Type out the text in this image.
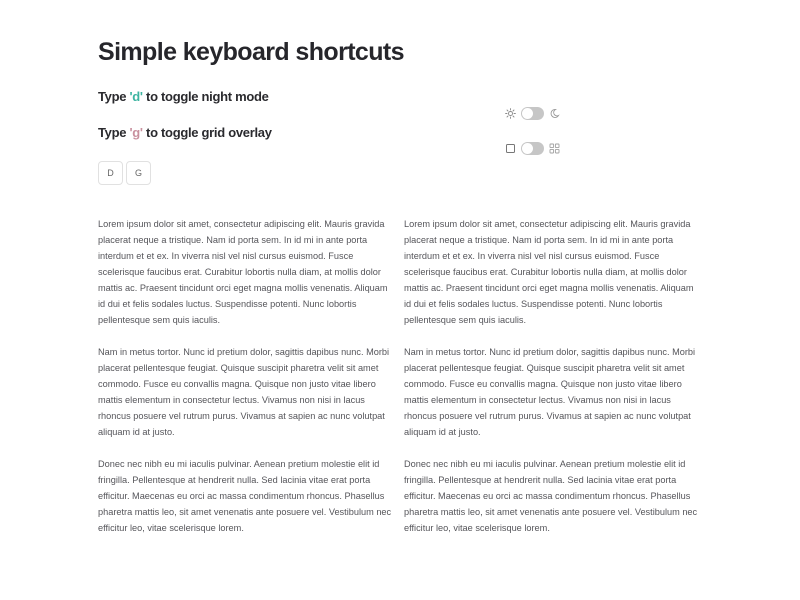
Simple keyboard shortcuts

Type 'd' to toggle night mode

Type 'g' to toggle grid overlay

D	G

Lorem ipsum dolor sit amet, consectetur adipiscing elit. Mauris gravida placerat neque a tristique. Nam id porta sem. In id mi in ante porta interdum et et ex. In viverra nisl vel nisl cursus euismod. Fusce scelerisque faucibus erat. Curabitur lobortis nulla diam, at mollis dolor mattis ac. Praesent tincidunt orci eget magna mollis venenatis. Aliquam id dui et felis sodales luctus. Suspendisse potenti. Nunc lobortis pellentesque sem quis iaculis.

Nam in metus tortor. Nunc id pretium dolor, sagittis dapibus nunc. Morbi placerat pellentesque feugiat. Quisque suscipit pharetra velit sit amet commodo. Fusce eu convallis magna. Quisque non justo vitae libero mattis elementum in consectetur lectus. Vivamus non nisi in lacus rhoncus posuere vel rutrum purus. Vivamus at sapien ac nunc volutpat aliquam id at justo.

Donec nec nibh eu mi iaculis pulvinar. Aenean pretium molestie elit id fringilla. Pellentesque at hendrerit nulla. Sed lacinia vitae erat porta efficitur. Maecenas eu orci ac massa condimentum rhoncus. Phasellus pharetra mattis leo, sit amet venenatis ante posuere vel. Vestibulum nec efficitur leo, vitae scelerisque lorem.

Lorem ipsum dolor sit amet, consectetur adipiscing elit. Mauris gravida placerat neque a tristique. Nam id porta sem. In id mi in ante porta interdum et et ex. In viverra nisl vel nisl cursus euismod. Fusce scelerisque faucibus erat. Curabitur lobortis nulla diam, at mollis dolor mattis ac. Praesent tincidunt orci eget magna mollis venenatis. Aliquam id dui et felis sodales luctus. Suspendisse potenti. Nunc lobortis pellentesque sem quis iaculis.

Nam in metus tortor. Nunc id pretium dolor, sagittis dapibus nunc. Morbi placerat pellentesque feugiat. Quisque suscipit pharetra velit sit amet commodo. Fusce eu convallis magna. Quisque non justo vitae libero mattis elementum in consectetur lectus. Vivamus non nisi in lacus rhoncus posuere vel rutrum purus. Vivamus at sapien ac nunc volutpat aliquam id at justo.

Donec nec nibh eu mi iaculis pulvinar. Aenean pretium molestie elit id fringilla. Pellentesque at hendrerit nulla. Sed lacinia vitae erat porta efficitur. Maecenas eu orci ac massa condimentum rhoncus. Phasellus pharetra mattis leo, sit amet venenatis ante posuere vel. Vestibulum nec efficitur leo, vitae scelerisque lorem.
